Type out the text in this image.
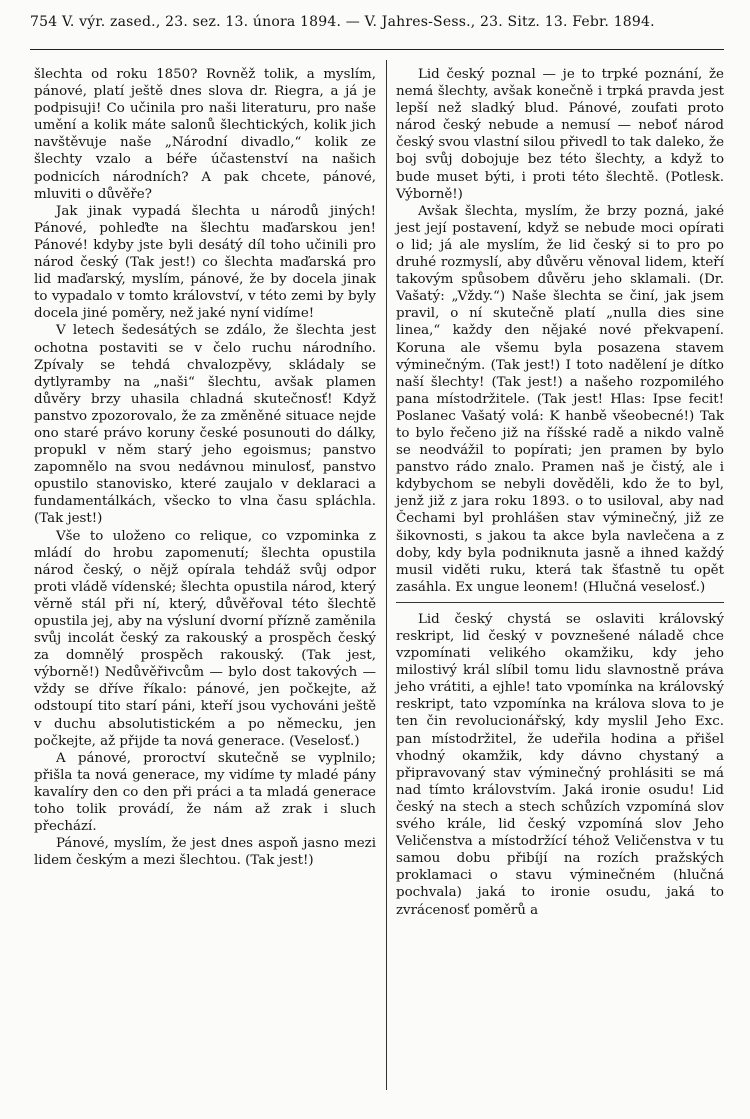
754 V. výr. zased., 23. sez. 13. února 1894. — V. Jahres-Sess., 23. Sitz. 13. Febr. 1894.

šlechta od roku 1850? Rovněž tolik, a myslím, pánové, platí ještě dnes slova dr. Riegra, a já je podpisuji! Co učinila pro naši literaturu, pro naše umění a kolik máte salonů šlechtických, kolik jich navštěvuje naše „Národní divadlo,“ kolik ze šlechty vzalo a béře účastenství na našich podnicích národních? A pak chcete, pánové, mluviti o důvěře?

Jak jinak vypadá šlechta u národů jiných! Pánové, pohleďte na šlechtu maďarskou jen! Pánové! kdyby jste byli desátý díl toho učinili pro národ český (Tak jest!) co šlechta maďarská pro lid maďarský, myslím, pánové, že by docela jinak to vypadalo v tomto království, v této zemi by byly docela jiné poměry, než jaké nyní vidíme!

V letech šedesátých se zdálo, že šlechta jest ochotna postaviti se v čelo ruchu národního. Zpívaly se tehdá chvalozpěvy, skládaly se dytlyramby na „naši“ šlechtu, avšak plamen důvěry brzy uhasila chladná skutečnosť! Když panstvo zpozorovalo, že za změněné situace nejde ono staré právo koruny české posunouti do dálky, propukl v něm starý jeho egoismus; panstvo zapomnělo na svou nedávnou minulosť, panstvo opustilo stanovisko, které zaujalo v deklaraci a fundamentálkách, všecko to vlna času spláchla. (Tak jest!)

Vše to uloženo co relique, co vzpominka z mládí do hrobu zapomenutí; šlechta opustila národ český, o nějž opírala tehdáž svůj odpor proti vládě vídenské; šlechta opustila národ, který věrně stál při ní, který, důvěřoval této šlechtě opustila jej, aby na výsluní dvorní přízně zaměnila svůj incolát český za rakouský a prospěch český za domnělý prospěch rakouský. (Tak jest, výborně!) Nedůvěřivcům — bylo dost takových — vždy se dříve říkalo: pánové, jen počkejte, až odstoupí tito starí páni, kteří jsou vychováni ještě v duchu absolutistickém a po německu, jen počkejte, až přijde ta nová generace. (Veselosť.)

A pánové, proroctví skutečně se vyplnilo; přišla ta nová generace, my vidíme ty mladé pány kavalíry den co den při práci a ta mladá generace toho tolik provádí, že nám až zrak i sluch přechází.

Pánové, myslím, že jest dnes aspoň jasno mezi lidem českým a mezi šlechtou. (Tak jest!)

Lid český poznal — je to trpké poznání, že nemá šlechty, avšak konečně i trpká pravda jest lepší než sladký blud. Pánové, zoufati proto národ český nebude a nemusí — neboť národ český svou vlastní silou přivedl to tak daleko, že boj svůj dobojuje bez této šlechty, a když to bude muset býti, i proti této šlechtě. (Potlesk. Výborně!)

Avšak šlechta, myslím, že brzy pozná, jaké jest její postavení, když se nebude moci opírati o lid; já ale myslím, že lid český si to pro po druhé rozmyslí, aby důvěru věnoval lidem, kteří takovým spůsobem důvěru jeho sklamali. (Dr. Vašatý: „Vždy.“) Naše šlechta se činí, jak jsem pravil, o ní skutečně platí „nulla dies sine linea,“ každy den nějaké nové překvapení. Koruna ale všemu byla posazena stavem výminečným. (Tak jest!) I toto nadělení je dítko naší šlechty! (Tak jest!) a našeho rozpomilého pana místodržitele. (Tak jest! Hlas: Ipse fecit! Poslanec Vašatý volá: K hanbě všeobecné!) Tak to bylo řečeno již na říšské radě a nikdo valně se neodvážil to popírati; jen pramen by bylo panstvo rádo znalo. Pramen naš je čistý, ale i kdybychom se nebyli dověděli, kdo že to byl, jenž již z jara roku 1893. o to usiloval, aby nad Čechami byl prohlášen stav výminečný, již ze šikovnosti, s jakou ta akce byla navlečena a z doby, kdy byla podniknuta jasně a ihned každý musil viděti ruku, která tak šťastně tu opět zasáhla. Ex ungue leonem! (Hlučná veselosť.)

Lid český chystá se oslaviti královský reskript, lid český v povznešené náladě chce vzpomínati velikého okamžiku, kdy jeho milostivý král slíbil tomu lidu slavnostně práva jeho vrátiti, a ejhle! tato vpomínka na královský reskript, tato vzpomínka na králova slova to je ten čin revolucionářský, kdy myslil Jeho Exc. pan místodržitel, že udeřila hodina a přišel vhodný okamžik, kdy dávno chystaný a připravovaný stav výminečný prohlásiti se má nad tímto královstvím. Jaká ironie osudu! Lid český na stech a stech schůzích vzpomíná slov svého krále, lid český vzpomíná slov Jeho Veličenstva a místodržící téhož Veličenstva v tu samou dobu přibíjí na rozích pražských proklamaci o stavu výminečném (hlučná pochvala) jaká to ironie osudu, jaká to zvrácenosť poměrů a
